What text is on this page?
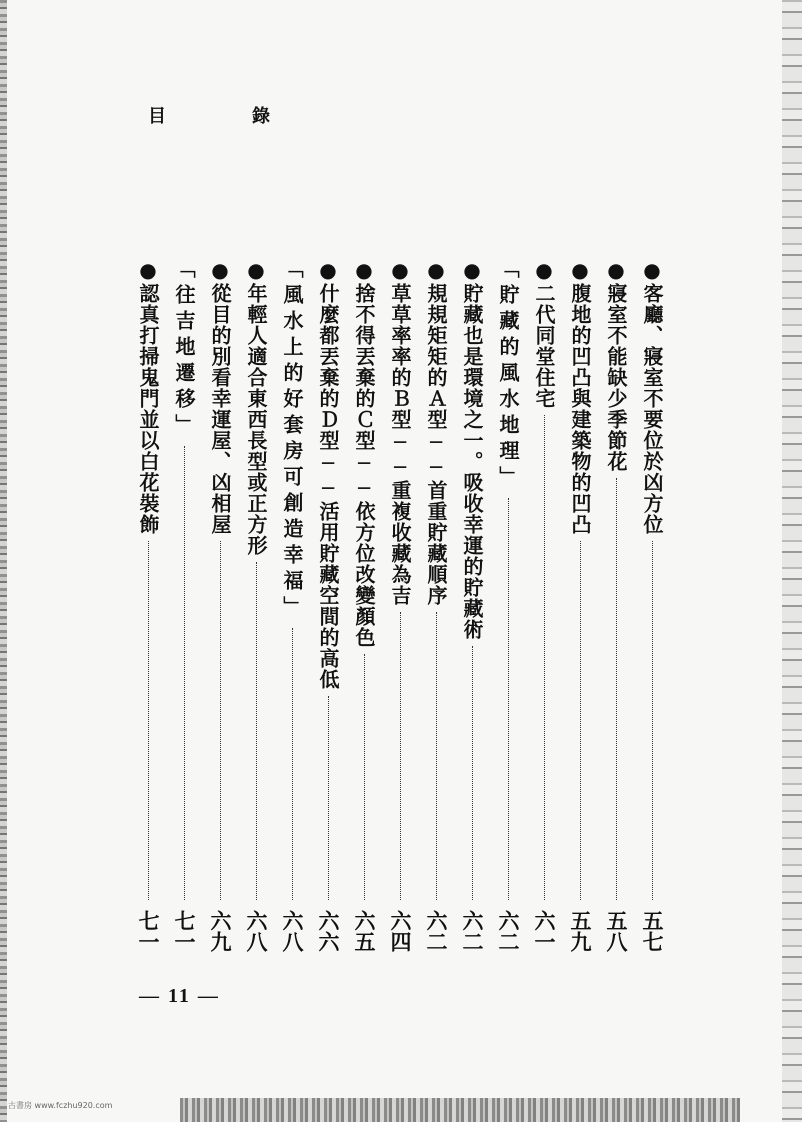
目　錄
●客廳、寢室不要位於凶方位
五七
●寢室不能缺少季節花
五八
●腹地的凹凸與建築物的凹凸
五九
●二代同堂住宅
六一
「貯藏的風水地理」
六二
●貯藏也是環境之一。吸收幸運的貯藏術
六二
●規規矩矩的Ａ型──首重貯藏順序
六二
●草草率率的Ｂ型──重複收藏為吉
六四
●捨不得丟棄的Ｃ型──依方位改變顏色
六五
●什麼都丟棄的Ｄ型──活用貯藏空間的高低
六六
「風水上的好套房可創造幸福」
六八
●年輕人適合東西長型或正方形
六八
●從目的別看幸運屋、凶相屋
六九
「往吉地遷移」
七一
●認真打掃鬼門並以白花裝飾
七一
— 11 —
古書房 www.fczhu920.com
